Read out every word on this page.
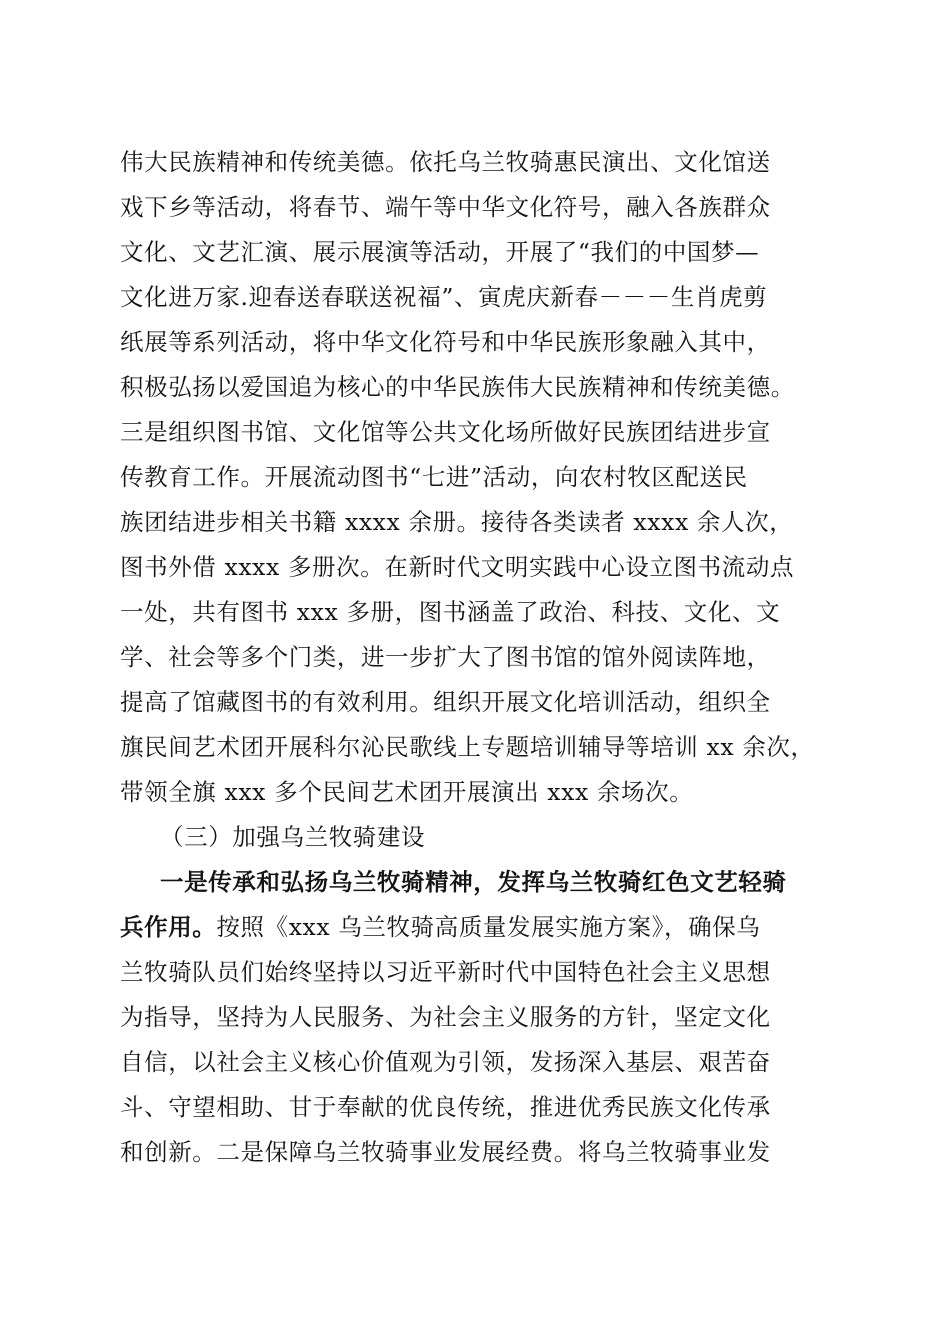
伟大民族精神和传统美德。依托乌兰牧骑惠民演出、文化馆送
戏下乡等活动，将春节、端午等中华文化符号，融入各族群众
文化、文艺汇演、展示展演等活动，开展了“我们的中国梦—
文化进万家.迎春送春联送祝福”、寅虎庆新春－－－生肖虎剪
纸展等系列活动，将中华文化符号和中华民族形象融入其中，
积极弘扬以爱国追为核心的中华民族伟大民族精神和传统美德。
三是组织图书馆、文化馆等公共文化场所做好民族团结进步宣
传教育工作。开展流动图书“七进”活动，向农村牧区配送民
族团结进步相关书籍 xxxx 余册。接待各类读者 xxxx 余人次，
图书外借 xxxx 多册次。在新时代文明实践中心设立图书流动点
一处，共有图书 xxx 多册，图书涵盖了政治、科技、文化、文
学、社会等多个门类，进一步扩大了图书馆的馆外阅读阵地，
提高了馆藏图书的有效利用。组织开展文化培训活动，组织全
旗民间艺术团开展科尔沁民歌线上专题培训辅导等培训 xx 余次，
带领全旗 xxx 多个民间艺术团开展演出 xxx 余场次。
（三）加强乌兰牧骑建设
一是传承和弘扬乌兰牧骑精神，发挥乌兰牧骑红色文艺轻骑
兵作用。按照《xxx 乌兰牧骑高质量发展实施方案》，确保乌
兰牧骑队员们始终坚持以习近平新时代中国特色社会主义思想
为指导，坚持为人民服务、为社会主义服务的方针，坚定文化
自信，以社会主义核心价值观为引领，发扬深入基层、艰苦奋
斗、守望相助、甘于奉献的优良传统，推进优秀民族文化传承
和创新。二是保障乌兰牧骑事业发展经费。将乌兰牧骑事业发
